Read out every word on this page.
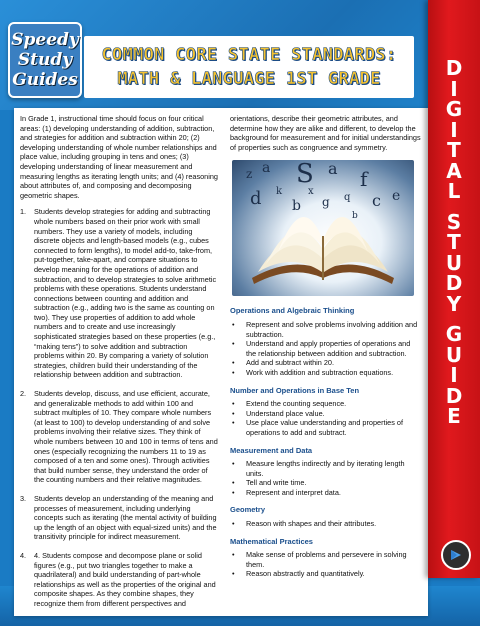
Speedy
Study
Guides
COMMON CORE STATE STANDARDS:
MATH & LANGUAGE 1ST GRADE

In Grade 1, instructional time should focus on four critical areas: (1) developing understanding of addition, subtraction, and strategies for addition and subtraction within 20; (2) developing understanding of whole number relationships and place value, including grouping in tens and ones; (3) developing understanding of linear measurement and measuring lengths as iterating length units; and (4) reasoning about attributes of, and composing and decomposing geometric shapes.

1.	Students develop strategies for adding and subtracting whole numbers based on their prior work with small numbers. They use a variety of models, including discrete objects and length-based models (e.g., cubes connected to form lengths), to model add-to, take-from, put-together, take-apart, and compare situations to develop meaning for the operations of addition and subtraction, and to develop strategies to solve arithmetic problems with these operations. Students understand connections between counting and addition and subtraction (e.g., adding two is the same as counting on two). They use properties of addition to add whole numbers and to create and use increasingly sophisticated strategies based on these properties (e.g., “making tens”) to solve addition and subtraction problems within 20. By comparing a variety of solution strategies, children build their understanding of the relationship between addition and subtraction.
2.	Students develop, discuss, and use efficient, accurate, and generalizable methods to add within 100 and subtract multiples of 10. They compare whole numbers (at least to 100) to develop understanding of and solve problems involving their relative sizes. They think of whole numbers between 10 and 100 in terms of tens and ones (especially recognizing the numbers 11 to 19 as composed of a ten and some ones). Through activities that build number sense, they understand the order of the counting numbers and their relative magnitudes.
3.	Students develop an understanding of the meaning and processes of measurement, including underlying concepts such as iterating (the mental activity of building up the length of an object with equal-sized units) and the transitivity principle for indirect measurement.
4.	4. Students compose and decompose plane or solid figures (e.g., put two triangles together to make a quadrilateral) and build understanding of part-whole relationships as well as the properties of the original and composite shapes. As they combine shapes, they recognize them from different perspectives and

orientations, describe their geometric attributes, and determine how they are alike and different, to develop the background for measurement and for initial understandings of properties such as congruence and symmetry.

z a S a f
d b g
k	c e
q
x
b
Operations and Algebraic Thinking
•	Represent and solve problems involving addition and subtraction.
•	Understand and apply properties of operations and the relationship between addition and subtraction.
•	Add and subtract within 20.
•	Work with addition and subtraction equations.
Number and Operations in Base Ten
•	Extend the counting sequence.
•	Understand place value.
•	Use place value understanding and properties of operations to add and subtract.
Measurement and Data
•	Measure lengths indirectly and by iterating length units.
•	Tell and write time.
•	Represent and interpret data.
Geometry
•	Reason with shapes and their attributes.
Mathematical Practices
•	Make sense of problems and persevere in solving them.
•	Reason abstractly and quantitatively.
D
I
G
I
T
A
L
S
T
U
D
Y
G
U
I
D
E
